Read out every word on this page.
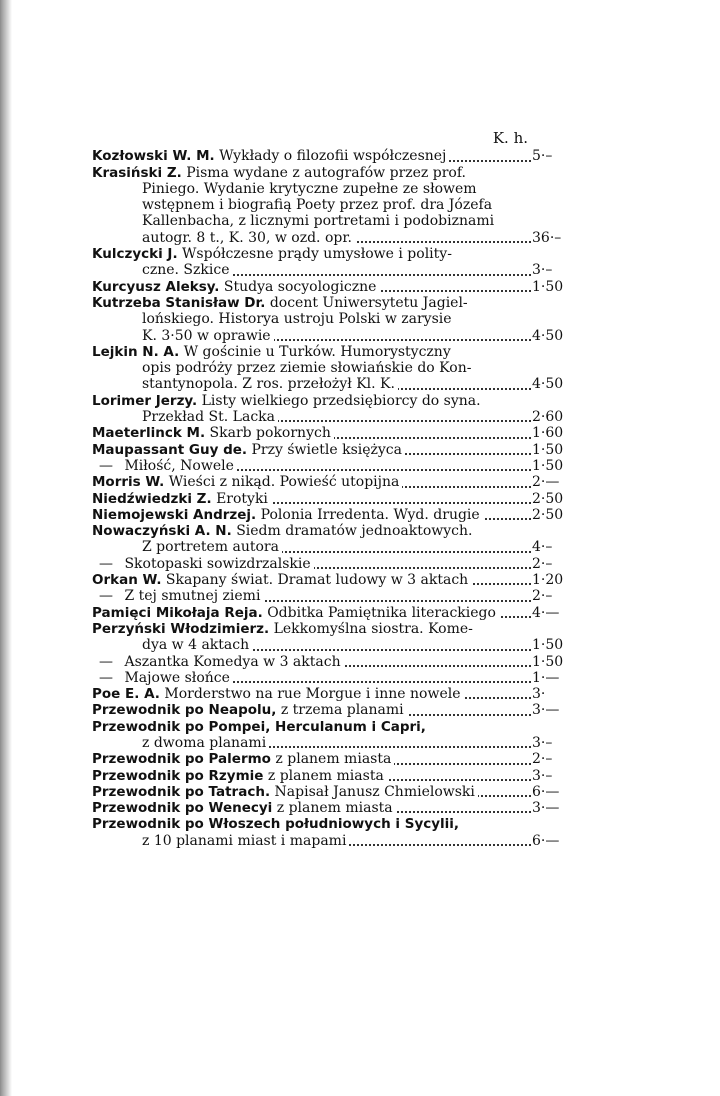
K. h.
Kozłowski W. M. Wykłady o filozofii współczesnej	5·–
Krasiński Z. Pisma wydane z autografów przez prof.
Piniego. Wydanie krytyczne zupełne ze słowem
wstępnem i biografią Poety przez prof. dra Józefa
Kallenbacha, z licznymi portretami i podobiznami
autogr. 8 t., K. 30, w ozd. opr.	36·–
Kulczycki J. Współczesne prądy umysłowe i polity-
czne. Szkice	3·–
Kurcyusz Aleksy. Studya socyologiczne	1·50
Kutrzeba Stanisław Dr. docent Uniwersytetu Jagiel-
lońskiego. Historya ustroju Polski w zarysie
K. 3·50 w oprawie	4·50
Lejkin N. A. W gościnie u Turków. Humorystyczny
opis podróży przez ziemie słowiańskie do Kon-
stantynopola. Z ros. przełożył Kl. K.	4·50
Lorimer Jerzy. Listy wielkiego przedsiębiorcy do syna.
Przekład St. Lacka	2·60
Maeterlinck M. Skarb pokornych	1·60
Maupassant Guy de. Przy świetle księżyca	1·50
— Miłość, Nowele	1·50
Morris W. Wieści z nikąd. Powieść utopijna	2·—
Niedźwiedzki Z. Erotyki	2·50
Niemojewski Andrzej. Polonia Irredenta. Wyd. drugie	2·50
Nowaczyński A. N. Siedm dramatów jednoaktowych.
Z portretem autora	4·–
— Skotopaski sowizdrzalskie	2·–
Orkan W. Skapany świat. Dramat ludowy w 3 aktach	1·20
— Z tej smutnej ziemi	2·–
Pamięci Mikołaja Reja. Odbitka Pamiętnika literackiego	4·—
Perzyński Włodzimierz. Lekkomyślna siostra. Kome-
dya w 4 aktach	1·50
— Aszantka Komedya w 3 aktach	1·50
— Majowe słońce	1·—
Poe E. A. Morderstwo na rue Morgue i inne nowele	3·
Przewodnik po Neapolu, z trzema planami	3·—
Przewodnik po Pompei, Herculanum i Capri,
z dwoma planami	3·–
Przewodnik po Palermo z planem miasta	2·–
Przewodnik po Rzymie z planem miasta	3·–
Przewodnik po Tatrach. Napisał Janusz Chmielowski	6·—
Przewodnik po Wenecyi z planem miasta	3·—
Przewodnik po Włoszech południowych i Sycylii,
z 10 planami miast i mapami	6·—
